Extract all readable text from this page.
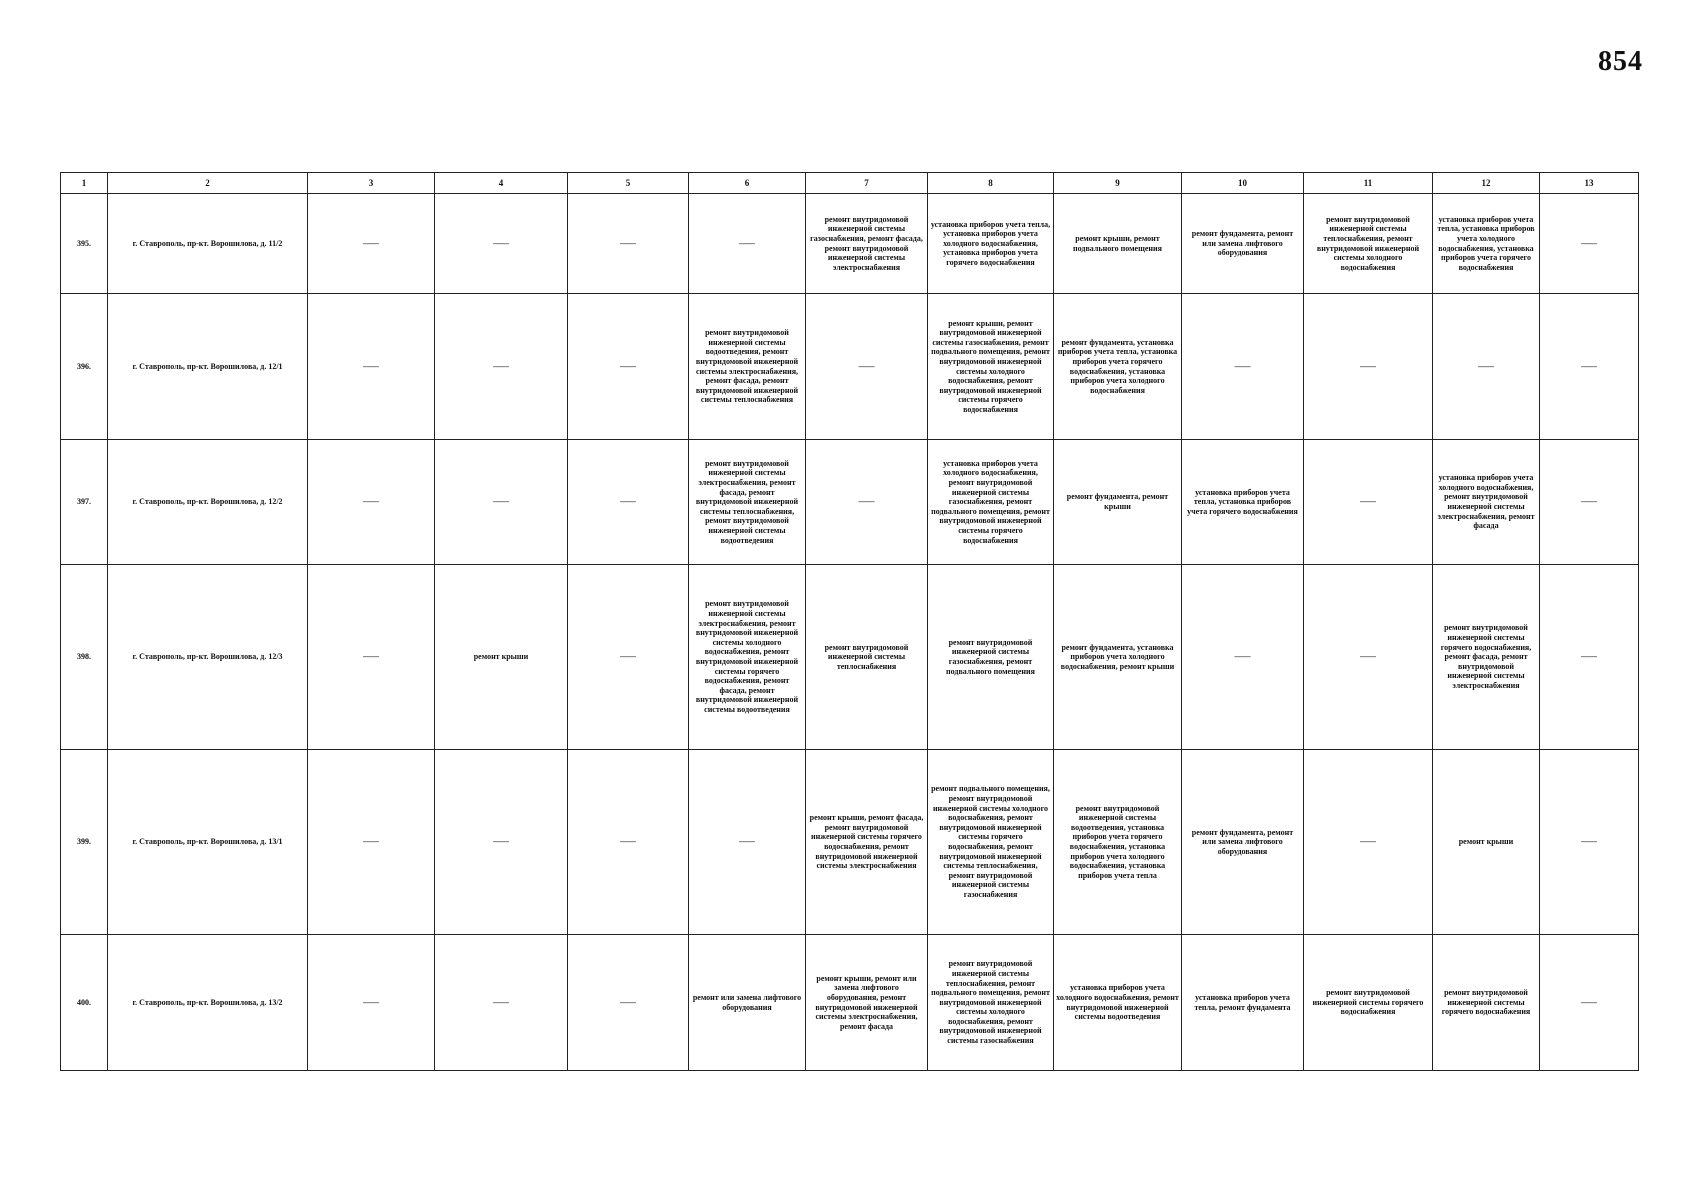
854
1	2	3	4	5	6	7	8	9	10	11	12	13
395.	г. Ставрополь, пр-кт. Ворошилова, д. 11/2	——	——	——	——	ремонт внутридомовой инженерной системы газоснабжения, ремонт фасада, ремонт внутридомовой инженерной системы электроснабжения	установка приборов учета тепла, установка приборов учета холодного водоснабжения, установка приборов учета горячего водоснабжения	ремонт крыши, ремонт подвального помещения	ремонт фундамента, ремонт или замена лифтового оборудования	ремонт внутридомовой инженерной системы теплоснабжения, ремонт внутридомовой инженерной системы холодного водоснабжения	установка приборов учета тепла, установка приборов учета холодного водоснабжения, установка приборов учета горячего водоснабжения	——
396.	г. Ставрополь, пр-кт. Ворошилова, д. 12/1	——	——	——	ремонт внутридомовой инженерной системы водоотведения, ремонт внутридомовой инженерной системы электроснабжения, ремонт фасада, ремонт внутридомовой инженерной системы теплоснабжения	——	ремонт крыши, ремонт внутридомовой инженерной системы газоснабжения, ремонт подвального помещения, ремонт внутридомовой инженерной системы холодного водоснабжения, ремонт внутридомовой инженерной системы горячего водоснабжения	ремонт фундамента, установка приборов учета тепла, установка приборов учета горячего водоснабжения, установка приборов учета холодного водоснабжения	——	——	——	——
397.	г. Ставрополь, пр-кт. Ворошилова, д. 12/2	——	——	——	ремонт внутридомовой инженерной системы электроснабжения, ремонт фасада, ремонт внутридомовой инженерной системы теплоснабжения, ремонт внутридомовой инженерной системы водоотведения	——	установка приборов учета холодного водоснабжения, ремонт внутридомовой инженерной системы газоснабжения, ремонт подвального помещения, ремонт внутридомовой инженерной системы горячего водоснабжения	ремонт фундамента, ремонт крыши	установка приборов учета тепла, установка приборов учета горячего водоснабжения	——	установка приборов учета холодного водоснабжения, ремонт внутридомовой инженерной системы электроснабжения, ремонт фасада	——
398.	г. Ставрополь, пр-кт. Ворошилова, д. 12/3	——	ремонт крыши	——	ремонт внутридомовой инженерной системы электроснабжения, ремонт внутридомовой инженерной системы холодного водоснабжения, ремонт внутридомовой инженерной системы горячего водоснабжения, ремонт фасада, ремонт внутридомовой инженерной системы водоотведения	ремонт внутридомовой инженерной системы теплоснабжения	ремонт внутридомовой инженерной системы газоснабжения, ремонт подвального помещения	ремонт фундамента, установка приборов учета холодного водоснабжения, ремонт крыши	——	——	ремонт внутридомовой инженерной системы горячего водоснабжения, ремонт фасада, ремонт внутридомовой инженерной системы электроснабжения	——
399.	г. Ставрополь, пр-кт. Ворошилова, д. 13/1	——	——	——	——	ремонт крыши, ремонт фасада, ремонт внутридомовой инженерной системы горячего водоснабжения, ремонт внутридомовой инженерной системы электроснабжения	ремонт подвального помещения, ремонт внутридомовой инженерной системы холодного водоснабжения, ремонт внутридомовой инженерной системы горячего водоснабжения, ремонт внутридомовой инженерной системы теплоснабжения, ремонт внутридомовой инженерной системы газоснабжения	ремонт внутридомовой инженерной системы водоотведения, установка приборов учета горячего водоснабжения, установка приборов учета холодного водоснабжения, установка приборов учета тепла	ремонт фундамента, ремонт или замена лифтового оборудования	——	ремонт крыши	——
400.	г. Ставрополь, пр-кт. Ворошилова, д. 13/2	——	——	——	ремонт или замена лифтового оборудования	ремонт крыши, ремонт или замена лифтового оборудования, ремонт внутридомовой инженерной системы электроснабжения, ремонт фасада	ремонт внутридомовой инженерной системы теплоснабжения, ремонт подвального помещения, ремонт внутридомовой инженерной системы холодного водоснабжения, ремонт внутридомовой инженерной системы газоснабжения	установка приборов учета холодного водоснабжения, ремонт внутридомовой инженерной системы водоотведения	установка приборов учета тепла, ремонт фундамента	ремонт внутридомовой инженерной системы горячего водоснабжения	ремонт внутридомовой инженерной системы горячего водоснабжения	——
